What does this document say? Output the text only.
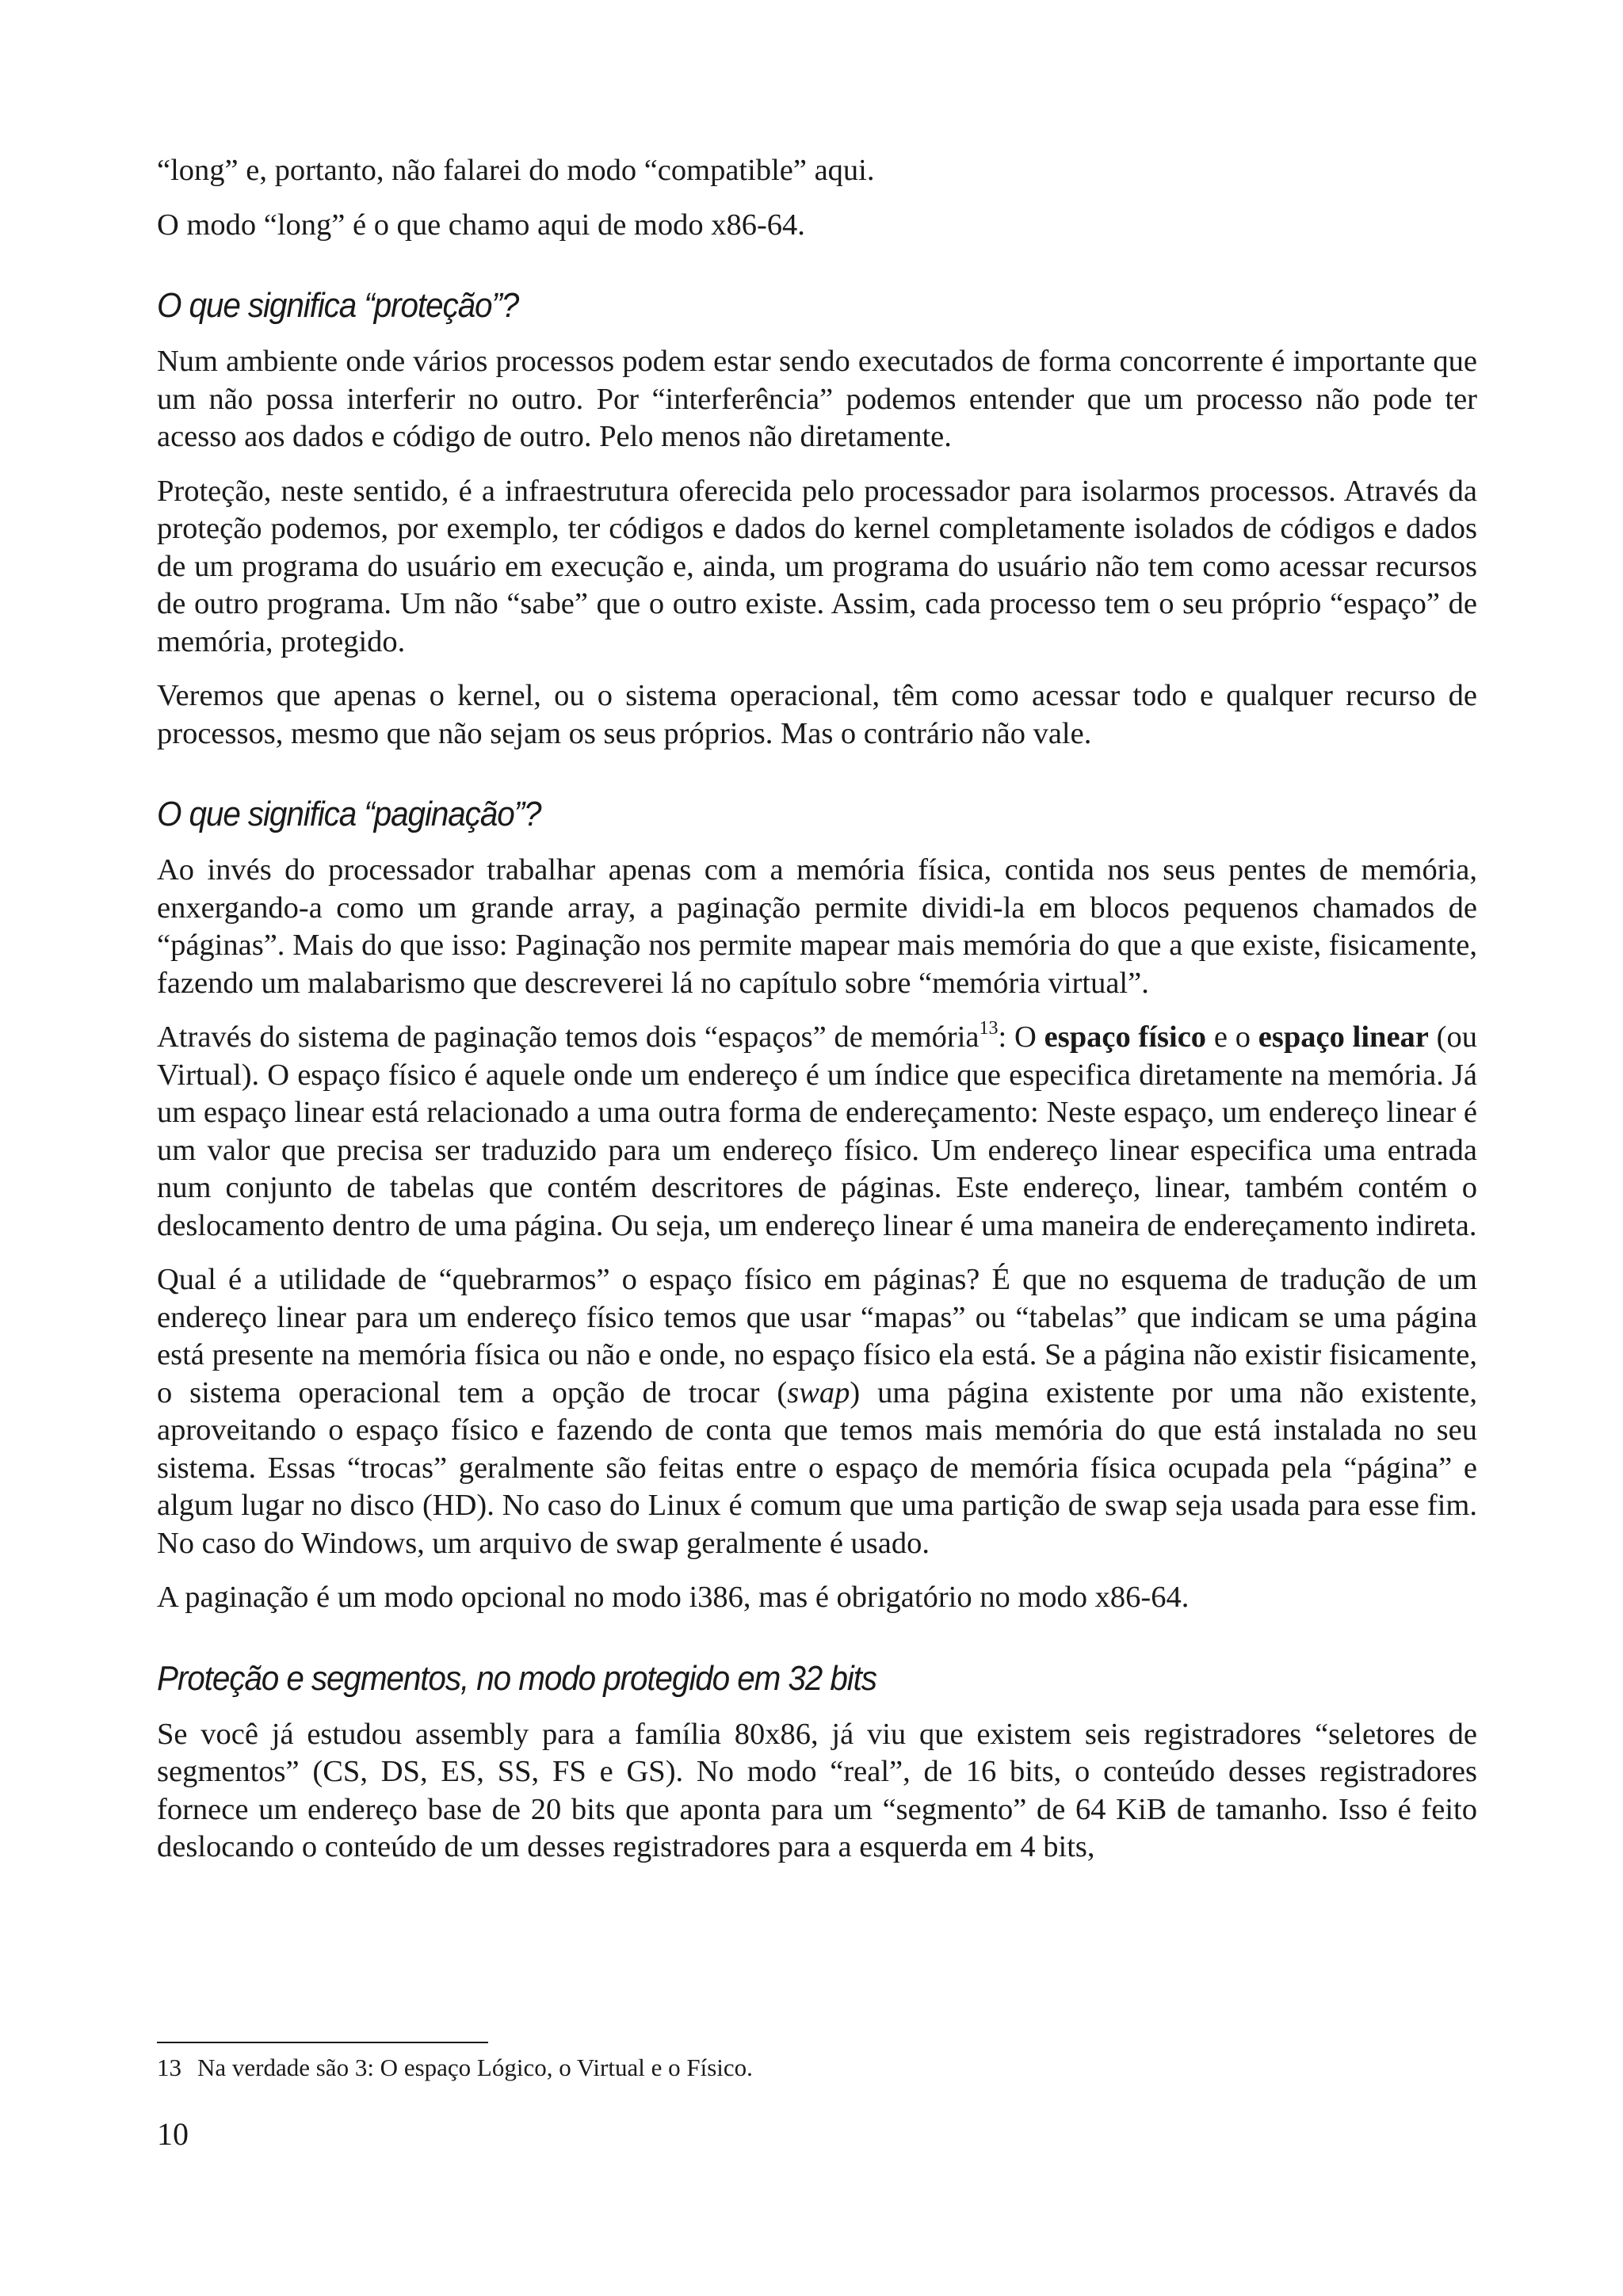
“long” e, portanto, não falarei do modo “compatible” aqui.

O modo “long” é o que chamo aqui de modo x86-64.

O que significa “proteção”?

Num ambiente onde vários processos podem estar sendo executados de forma concorrente é importante que um não possa interferir no outro. Por “interferência” podemos entender que um processo não pode ter acesso aos dados e código de outro. Pelo menos não diretamente.

Proteção, neste sentido, é a infraestrutura oferecida pelo processador para isolarmos processos. Através da proteção podemos, por exemplo, ter códigos e dados do kernel completamente isolados de códigos e dados de um programa do usuário em execução e, ainda, um programa do usuário não tem como acessar recursos de outro programa. Um não “sabe” que o outro existe. Assim, cada processo tem o seu próprio “espaço” de memória, protegido.

Veremos que apenas o kernel, ou o sistema operacional, têm como acessar todo e qualquer recurso de processos, mesmo que não sejam os seus próprios. Mas o contrário não vale.

O que significa “paginação”?

Ao invés do processador trabalhar apenas com a memória física, contida nos seus pentes de memória, enxergando-a como um grande array, a paginação permite dividi-la em blocos pequenos chamados de “páginas”. Mais do que isso: Paginação nos permite mapear mais memória do que a que existe, fisicamente, fazendo um malabarismo que descreverei lá no capítulo sobre “memória virtual”.

Através do sistema de paginação temos dois “espaços” de memória$^{13}$: O espaço físico e o espaço linear (ou Virtual). O espaço físico é aquele onde um endereço é um índice que especifica diretamente na memória. Já um espaço linear está relacionado a uma outra forma de endereçamento: Neste espaço, um endereço linear é um valor que precisa ser traduzido para um endereço físico. Um endereço linear especifica uma entrada num conjunto de tabelas que contém descritores de páginas. Este endereço, linear, também contém o deslocamento dentro de uma página. Ou seja, um endereço linear é uma maneira de endereçamento indireta.

Qual é a utilidade de “quebrarmos” o espaço físico em páginas? É que no esquema de tradução de um endereço linear para um endereço físico temos que usar “mapas” ou “tabelas” que indicam se uma página está presente na memória física ou não e onde, no espaço físico ela está. Se a página não existir fisicamente, o sistema operacional tem a opção de trocar (swap) uma página existente por uma não existente, aproveitando o espaço físico e fazendo de conta que temos mais memória do que está instalada no seu sistema. Essas “trocas” geralmente são feitas entre o espaço de memória física ocupada pela “página” e algum lugar no disco (HD). No caso do Linux é comum que uma partição de swap seja usada para esse fim. No caso do Windows, um arquivo de swap geralmente é usado.

A paginação é um modo opcional no modo i386, mas é obrigatório no modo x86-64.

Proteção e segmentos, no modo protegido em 32 bits

Se você já estudou assembly para a família 80x86, já viu que existem seis registradores “seletores de segmentos” (CS, DS, ES, SS, FS e GS). No modo “real”, de 16 bits, o conteúdo desses registradores fornece um endereço base de 20 bits que aponta para um “segmento” de 64 KiB de tamanho. Isso é feito deslocando o conteúdo de um desses registradores para a esquerda em 4 bits,

13 Na verdade são 3: O espaço Lógico, o Virtual e o Físico.
10
